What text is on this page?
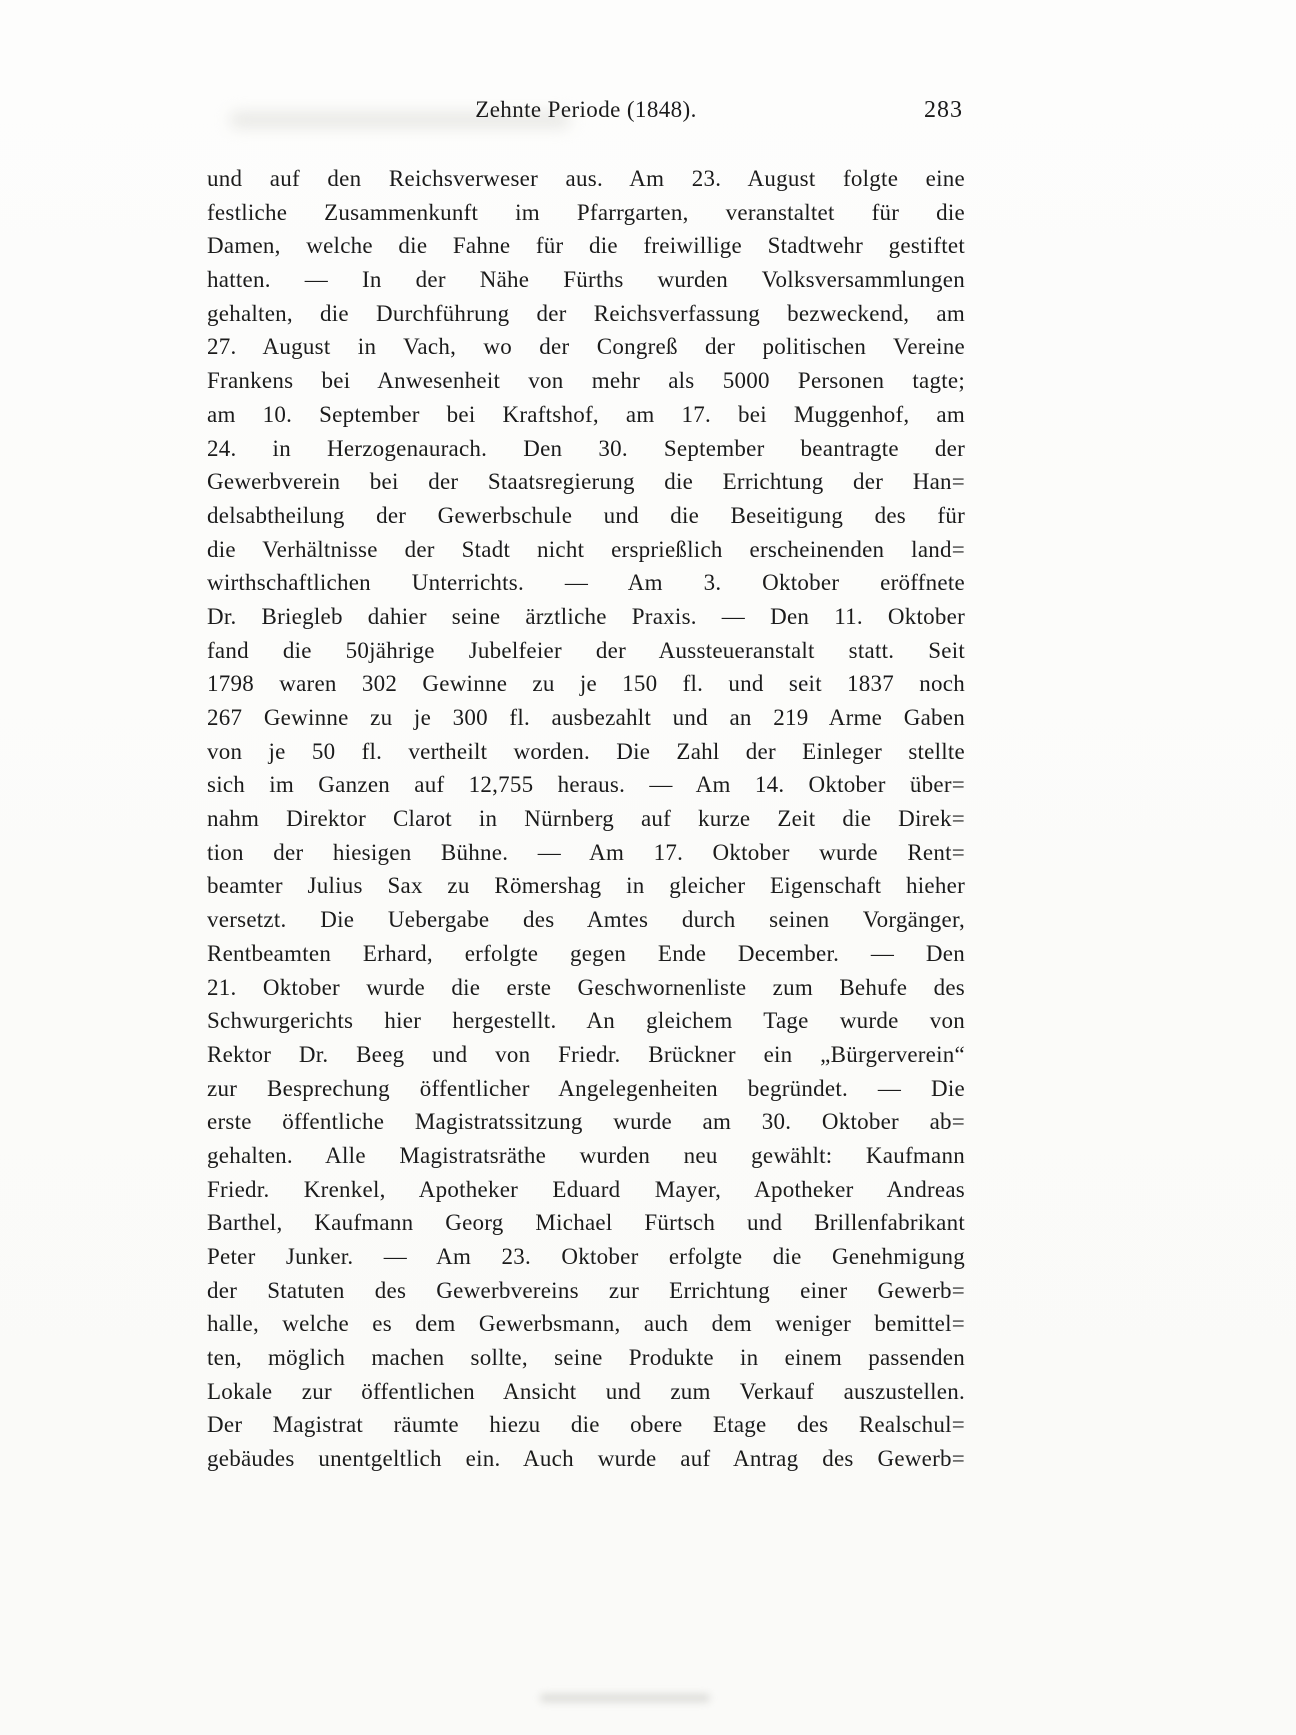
Zehnte Periode (1848).	283
und auf den Reichsverweser aus. Am 23. August folgte eine
festliche Zusammenkunft im Pfarrgarten, veranstaltet für die
Damen, welche die Fahne für die freiwillige Stadtwehr gestiftet
hatten. — In der Nähe Fürths wurden Volksversammlungen
gehalten, die Durchführung der Reichsverfassung bezweckend, am
27. August in Vach, wo der Congreß der politischen Vereine
Frankens bei Anwesenheit von mehr als 5000 Personen tagte;
am 10. September bei Kraftshof, am 17. bei Muggenhof, am
24. in Herzogenaurach. Den 30. September beantragte der
Gewerbverein bei der Staatsregierung die Errichtung der Han=
delsabtheilung der Gewerbschule und die Beseitigung des für
die Verhältnisse der Stadt nicht ersprießlich erscheinenden land=
wirthschaftlichen Unterrichts. — Am 3. Oktober eröffnete
Dr. Briegleb dahier seine ärztliche Praxis. — Den 11. Oktober
fand die 50jährige Jubelfeier der Aussteueranstalt statt. Seit
1798 waren 302 Gewinne zu je 150 fl. und seit 1837 noch
267 Gewinne zu je 300 fl. ausbezahlt und an 219 Arme Gaben
von je 50 fl. vertheilt worden. Die Zahl der Einleger stellte
sich im Ganzen auf 12,755 heraus. — Am 14. Oktober über=
nahm Direktor Clarot in Nürnberg auf kurze Zeit die Direk=
tion der hiesigen Bühne. — Am 17. Oktober wurde Rent=
beamter Julius Sax zu Römershag in gleicher Eigenschaft hieher
versetzt. Die Uebergabe des Amtes durch seinen Vorgänger,
Rentbeamten Erhard, erfolgte gegen Ende December. — Den
21. Oktober wurde die erste Geschwornenliste zum Behufe des
Schwurgerichts hier hergestellt. An gleichem Tage wurde von
Rektor Dr. Beeg und von Friedr. Brückner ein „Bürgerverein“
zur Besprechung öffentlicher Angelegenheiten begründet. — Die
erste öffentliche Magistratssitzung wurde am 30. Oktober ab=
gehalten. Alle Magistratsräthe wurden neu gewählt: Kaufmann
Friedr. Krenkel, Apotheker Eduard Mayer, Apotheker Andreas
Barthel, Kaufmann Georg Michael Fürtsch und Brillenfabrikant
Peter Junker. — Am 23. Oktober erfolgte die Genehmigung
der Statuten des Gewerbvereins zur Errichtung einer Gewerb=
halle, welche es dem Gewerbsmann, auch dem weniger bemittel=
ten, möglich machen sollte, seine Produkte in einem passenden
Lokale zur öffentlichen Ansicht und zum Verkauf auszustellen.
Der Magistrat räumte hiezu die obere Etage des Realschul=
gebäudes unentgeltlich ein. Auch wurde auf Antrag des Gewerb=
